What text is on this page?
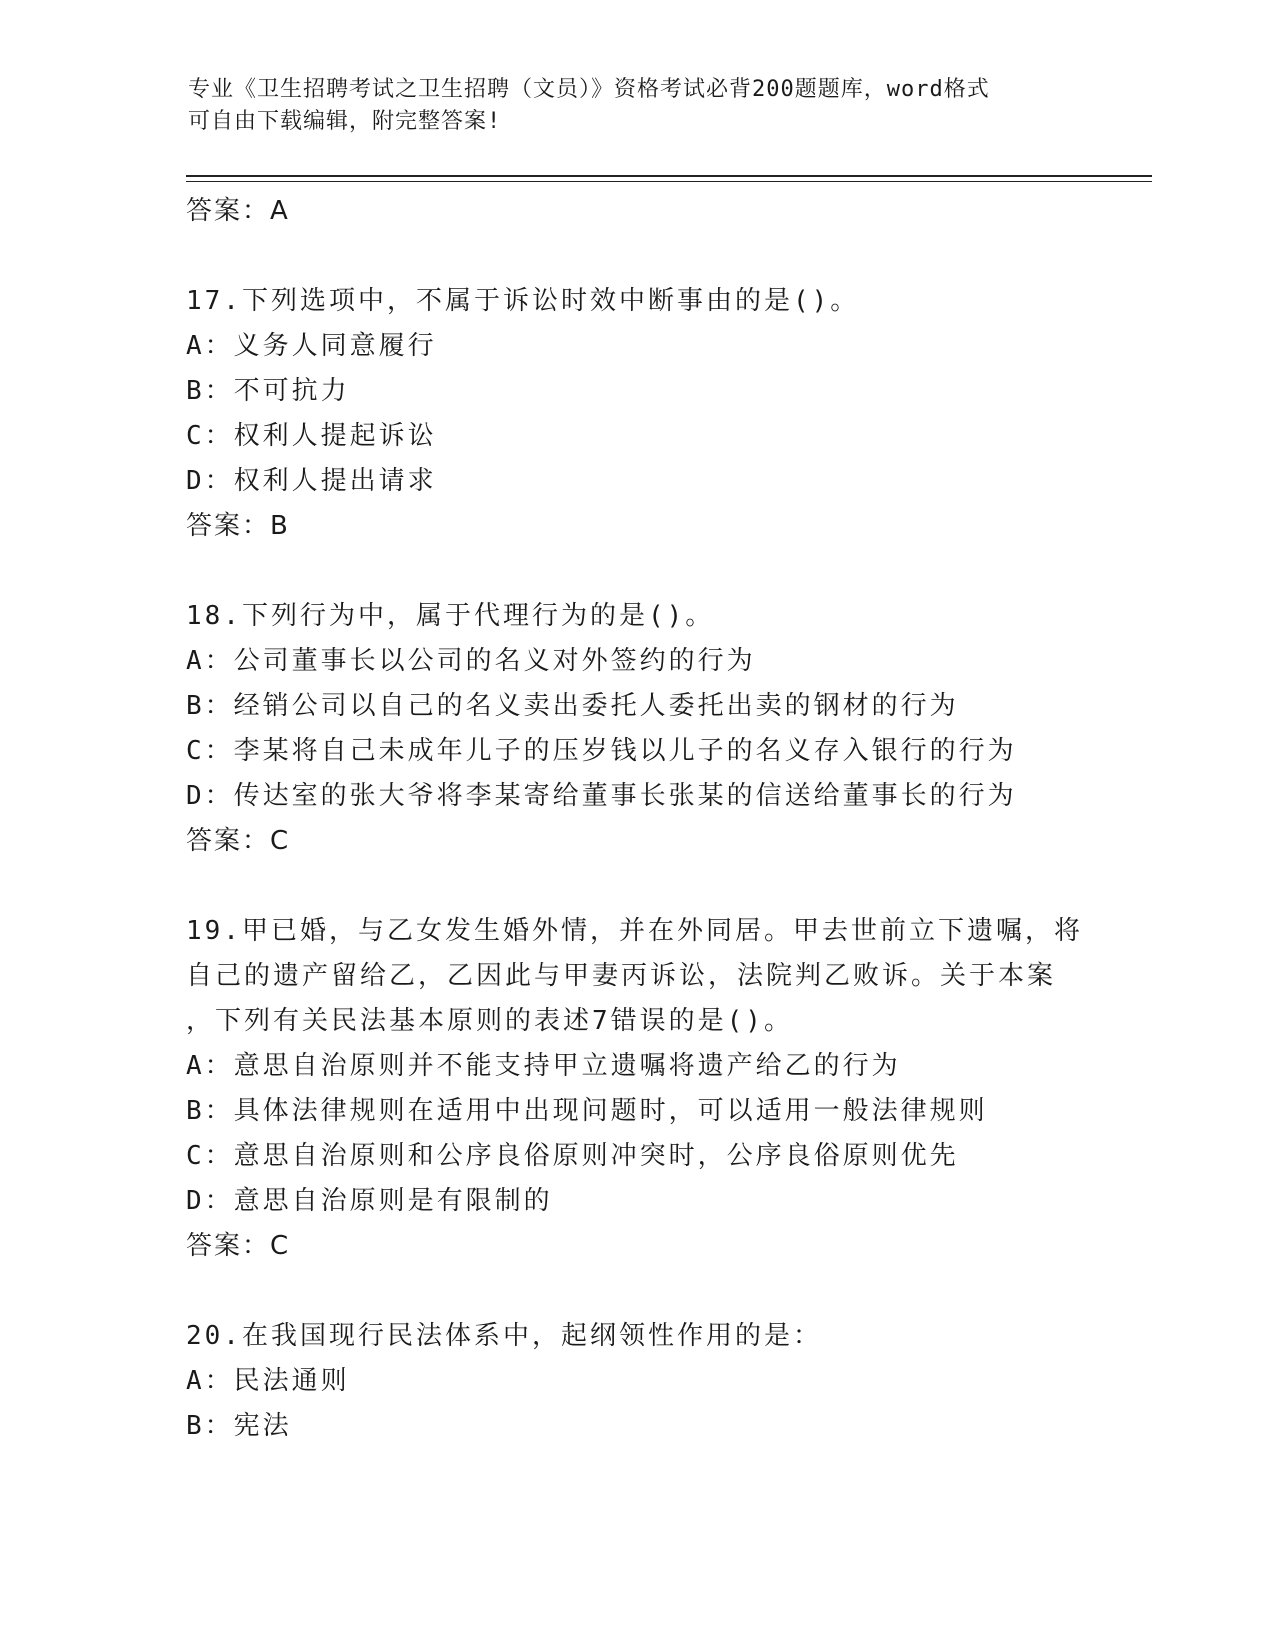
专业《卫生招聘考试之卫生招聘（文员）》资格考试必背200题题库，word格式
可自由下载编辑，附完整答案!
答案：A
17.下列选项中，不属于诉讼时效中断事由的是()。
A：义务人同意履行
B：不可抗力
C：权利人提起诉讼
D：权利人提出请求
答案：B
18.下列行为中，属于代理行为的是()。
A：公司董事长以公司的名义对外签约的行为
B：经销公司以自己的名义卖出委托人委托出卖的钢材的行为
C：李某将自己未成年儿子的压岁钱以儿子的名义存入银行的行为
D：传达室的张大爷将李某寄给董事长张某的信送给董事长的行为
答案：C
19.甲已婚，与乙女发生婚外情，并在外同居。甲去世前立下遗嘱，将
自己的遗产留给乙，乙因此与甲妻丙诉讼，法院判乙败诉。关于本案
，下列有关民法基本原则的表述7错误的是()。
A：意思自治原则并不能支持甲立遗嘱将遗产给乙的行为
B：具体法律规则在适用中出现问题时，可以适用一般法律规则
C：意思自治原则和公序良俗原则冲突时，公序良俗原则优先
D：意思自治原则是有限制的
答案：C
20.在我国现行民法体系中，起纲领性作用的是：
A：民法通则
B：宪法
